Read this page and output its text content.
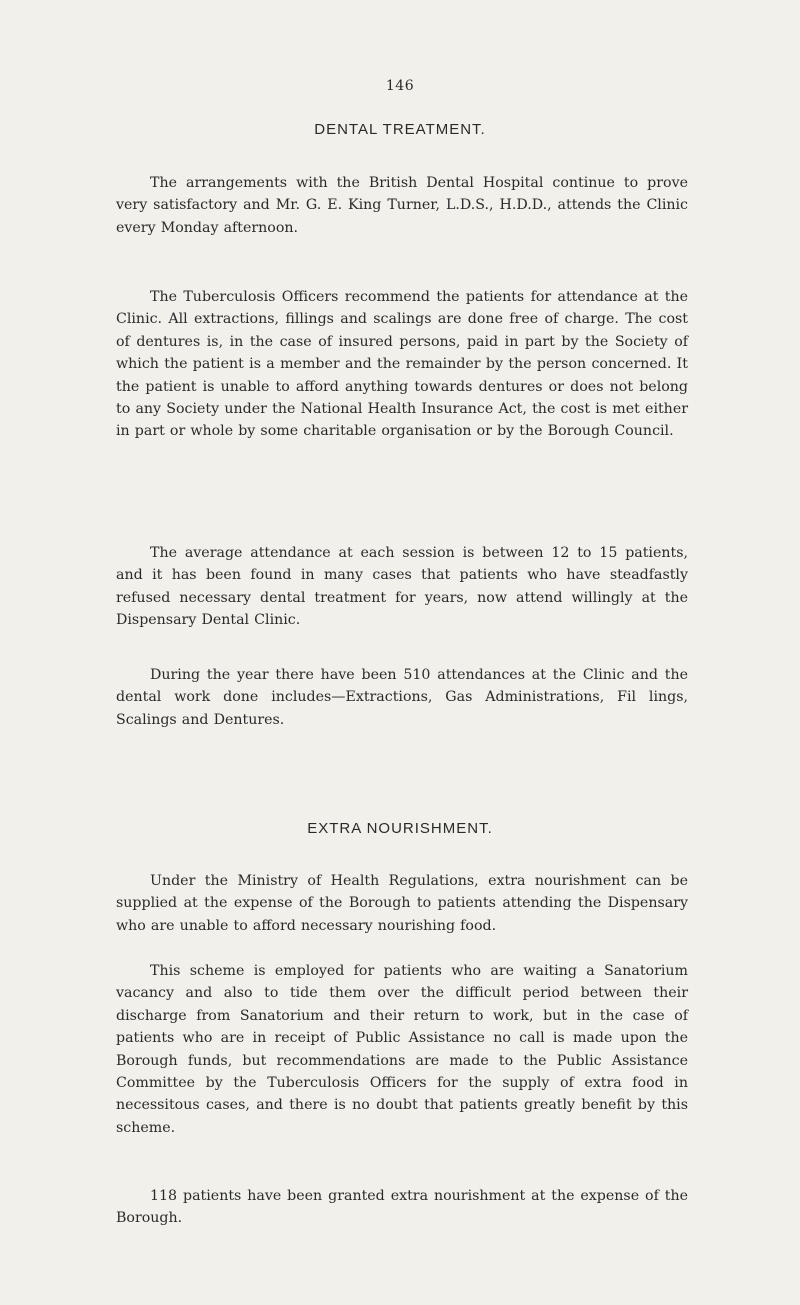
146
DENTAL TREATMENT.

The arrangements with the British Dental Hospital continue to prove very satisfactory and Mr. G. E. King Turner, L.D.S., H.D.D., attends the Clinic every Monday afternoon.

The Tuberculosis Officers recommend the patients for attendance at the Clinic. All extractions, fillings and scalings are done free of charge. The cost of dentures is, in the case of insured persons, paid in part by the Society of which the patient is a member and the remainder by the person concerned. It the patient is unable to afford anything towards dentures or does not belong to any Society under the National Health Insurance Act, the cost is met either in part or whole by some charitable organisation or by the Borough Council.

The average attendance at each session is between 12 to 15 patients, and it has been found in many cases that patients who have steadfastly refused necessary dental treatment for years, now attend willingly at the Dispensary Dental Clinic.

During the year there have been 510 attendances at the Clinic and the dental work done includes—Extractions, Gas Administrations, Fil lings, Scalings and Dentures.

EXTRA NOURISHMENT.

Under the Ministry of Health Regulations, extra nourishment can be supplied at the expense of the Borough to patients attending the Dispensary who are unable to afford necessary nourishing food.

This scheme is employed for patients who are waiting a Sanatorium vacancy and also to tide them over the difficult period between their discharge from Sanatorium and their return to work, but in the case of patients who are in receipt of Public Assistance no call is made upon the Borough funds, but recommendations are made to the Public Assistance Committee by the Tuberculosis Officers for the supply of extra food in necessitous cases, and there is no doubt that patients greatly benefit by this scheme.

118 patients have been granted extra nourishment at the expense of the Borough.
